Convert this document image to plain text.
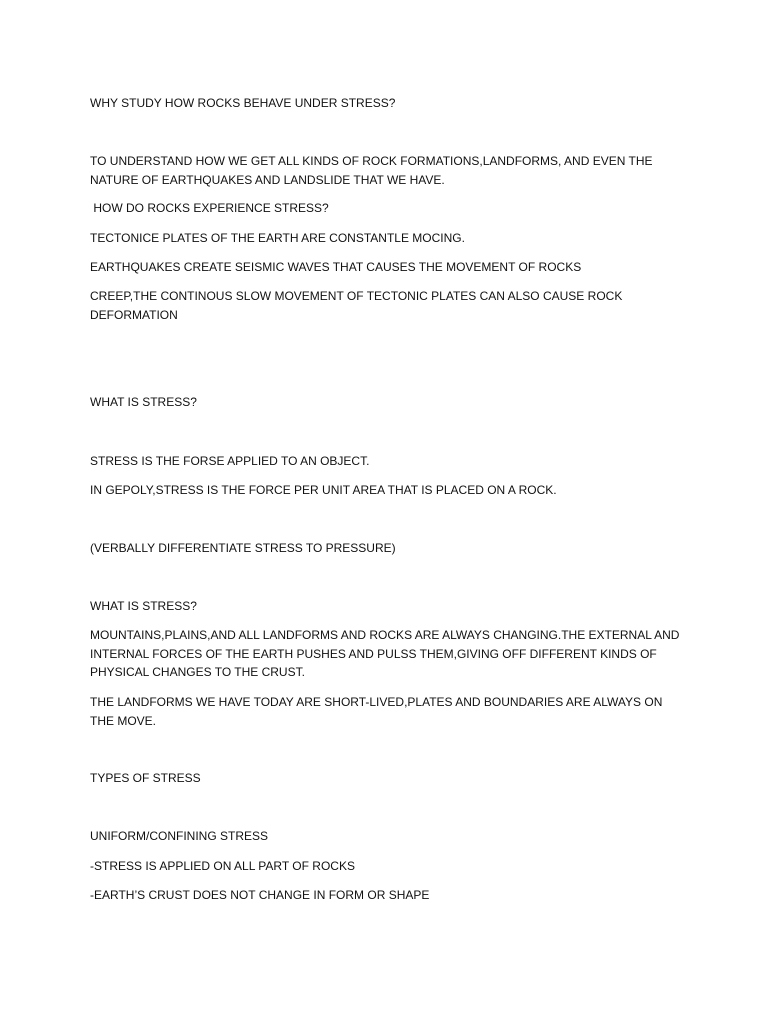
WHY STUDY HOW ROCKS BEHAVE UNDER STRESS?

TO UNDERSTAND HOW WE GET ALL KINDS OF ROCK FORMATIONS,LANDFORMS, AND EVEN THE NATURE OF EARTHQUAKES AND LANDSLIDE THAT WE HAVE.

HOW DO ROCKS EXPERIENCE STRESS?

TECTONICE PLATES OF THE EARTH ARE CONSTANTLE MOCING.

EARTHQUAKES CREATE SEISMIC WAVES THAT CAUSES THE MOVEMENT OF ROCKS

CREEP,THE CONTINOUS SLOW MOVEMENT OF TECTONIC PLATES CAN ALSO CAUSE ROCK DEFORMATION

WHAT IS STRESS?

STRESS IS THE FORSE APPLIED TO AN OBJECT.

IN GEPOLY,STRESS IS THE FORCE PER UNIT AREA THAT IS PLACED ON A ROCK.

(VERBALLY DIFFERENTIATE STRESS TO PRESSURE)

WHAT IS STRESS?

MOUNTAINS,PLAINS,AND ALL LANDFORMS AND ROCKS ARE ALWAYS CHANGING.THE EXTERNAL AND INTERNAL FORCES OF THE EARTH PUSHES AND PULSS THEM,GIVING OFF DIFFERENT KINDS OF PHYSICAL CHANGES TO THE CRUST.

THE LANDFORMS WE HAVE TODAY ARE SHORT-LIVED,PLATES AND BOUNDARIES ARE ALWAYS ON THE MOVE.

TYPES OF STRESS

UNIFORM/CONFINING STRESS

-STRESS IS APPLIED ON ALL PART OF ROCKS

-EARTH’S CRUST DOES NOT CHANGE IN FORM OR SHAPE
